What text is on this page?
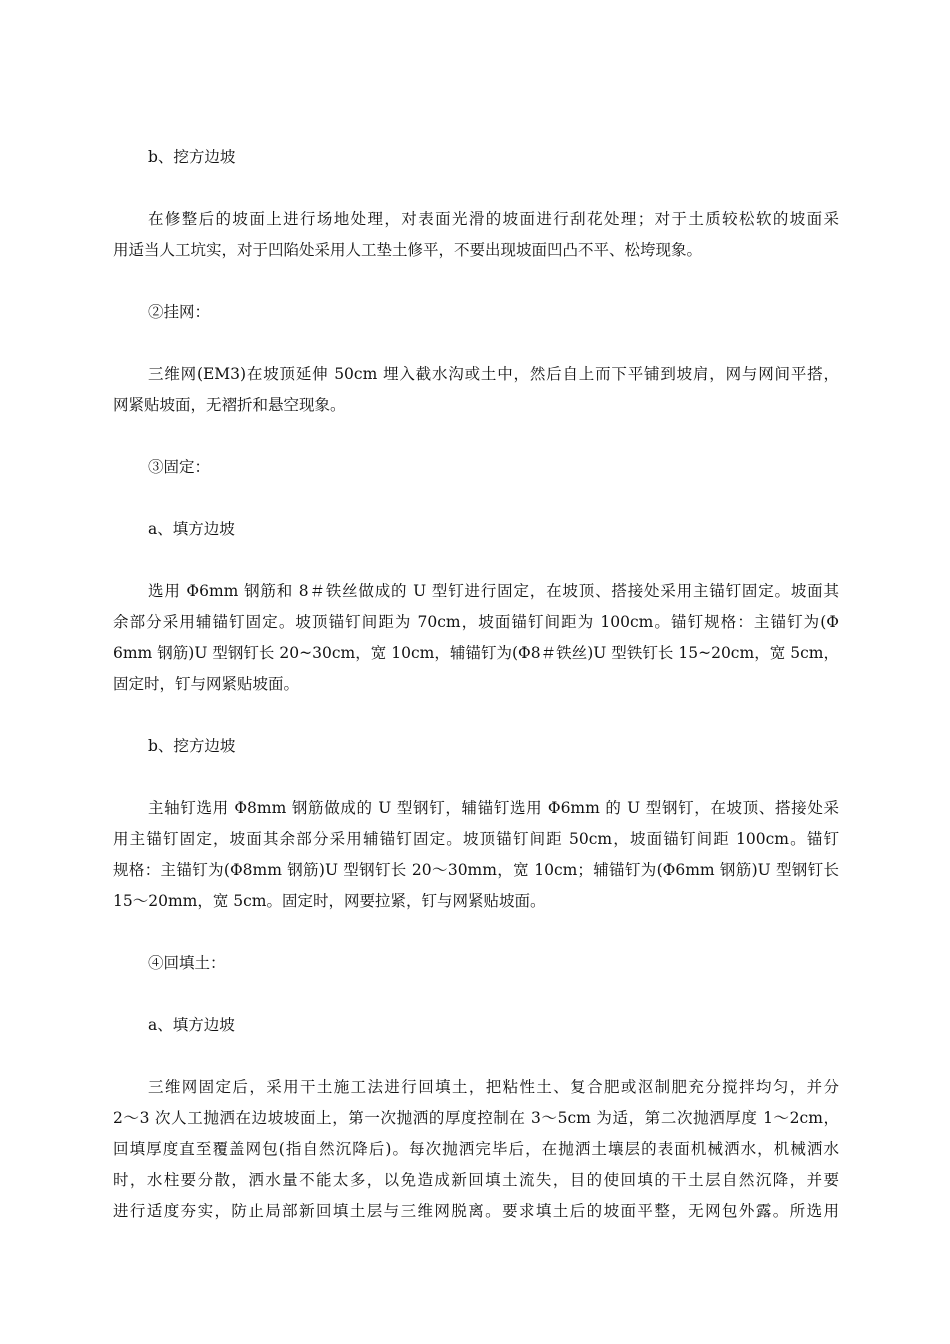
b、挖方边坡
在修整后的坡面上进行场地处理，对表面光滑的坡面进行刮花处理；对于土质较松软的坡面采
用适当人工坑实，对于凹陷处采用人工垫土修平，不要出现坡面凹凸不平、松垮现象。
②挂网：
三维网(EM3)在坡顶延伸 50cm 埋入截水沟或土中，然后自上而下平铺到坡肩，网与网间平搭，
网紧贴坡面，无褶折和悬空现象。
③固定：
a、填方边坡
选用 Φ6mm 钢筋和 8＃铁丝做成的 U 型钉进行固定，在坡顶、搭接处采用主锚钉固定。坡面其
余部分采用辅锚钉固定。坡顶锚钉间距为 70cm，坡面锚钉间距为 100cm。锚钉规格：主锚钉为(Φ
6mm 钢筋)U 型钢钉长 20~30cm，宽 10cm，辅锚钉为(Φ8＃铁丝)U 型铁钉长 15~20cm，宽 5cm，
固定时，钉与网紧贴坡面。
b、挖方边坡
主轴钉选用 Φ8mm 钢筋做成的 U 型钢钉，辅锚钉选用 Φ6mm 的 U 型钢钉，在坡顶、搭接处采
用主锚钉固定，坡面其余部分采用辅锚钉固定。坡顶锚钉间距 50cm，坡面锚钉间距 100cm。锚钉
规格：主锚钉为(Φ8mm 钢筋)U 型钢钉长 20～30mm，宽 10cm；辅锚钉为(Φ6mm 钢筋)U 型钢钉长
15～20mm，宽 5cm。固定时，网要拉紧，钉与网紧贴坡面。
④回填土：
a、填方边坡
三维网固定后，采用干土施工法进行回填土，把粘性土、复合肥或沤制肥充分搅拌均匀，并分
2～3 次人工抛洒在边坡坡面上，第一次抛洒的厚度控制在 3～5cm 为适，第二次抛洒厚度 1～2cm，
回填厚度直至覆盖网包(指自然沉降后)。每次抛洒完毕后，在抛洒土壤层的表面机械洒水，机械洒水
时，水柱要分散，洒水量不能太多，以免造成新回填土流失，目的使回填的干土层自然沉降，并要
进行适度夯实，防止局部新回填土层与三维网脱离。要求填土后的坡面平整，无网包外露。所选用
